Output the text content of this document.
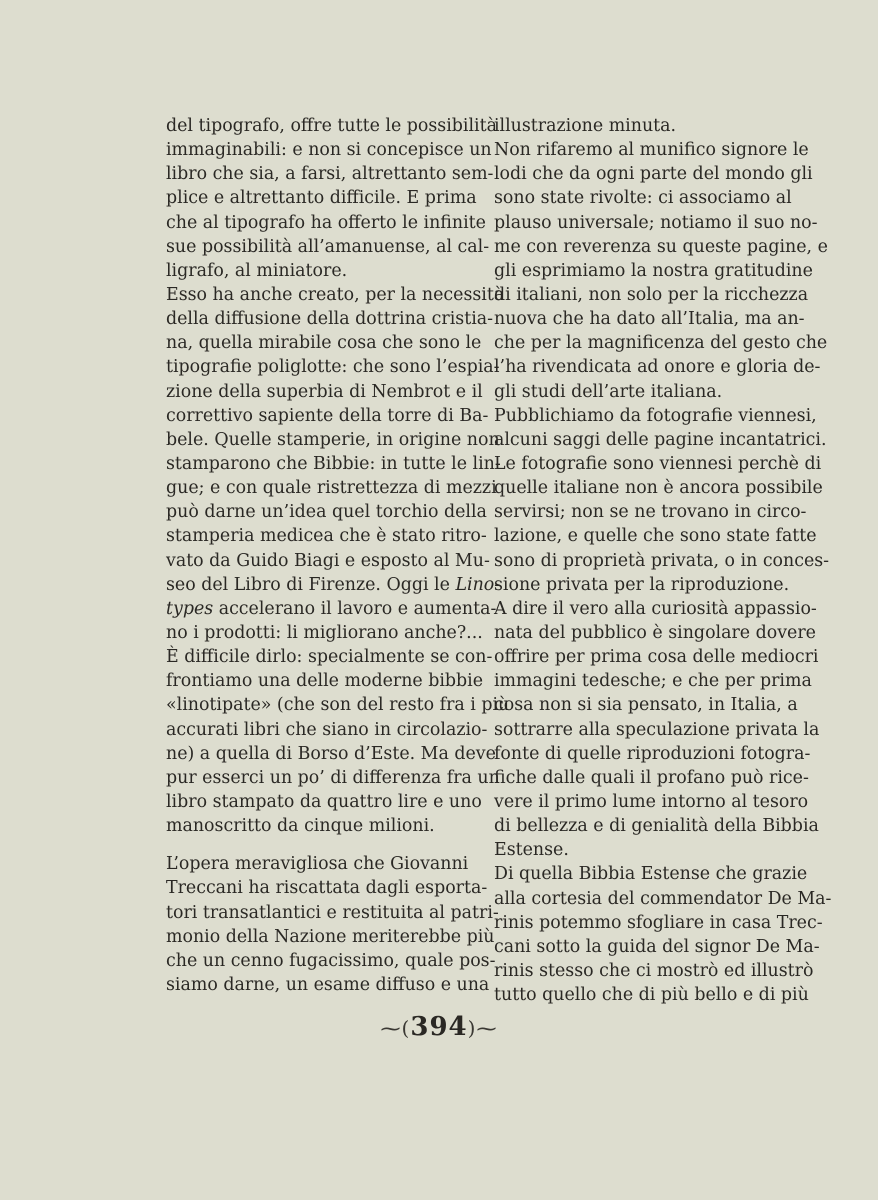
del tipografo, offre tutte le possibilità
immaginabili: e non si concepisce un
libro che sia, a farsi, altrettanto sem-
plice e altrettanto difficile. E prima
che al tipografo ha offerto le infinite
sue possibilità all’amanuense, al cal-
ligrafo, al miniatore.
Esso ha anche creato, per la necessità
della diffusione della dottrina cristia-
na, quella mirabile cosa che sono le
tipografie poliglotte: che sono l’espia-
zione della superbia di Nembrot e il
correttivo sapiente della torre di Ba-
bele. Quelle stamperie, in origine non
stamparono che Bibbie: in tutte le lin-
gue; e con quale ristrettezza di mezzi
può darne un’idea quel torchio della
stamperia medicea che è stato ritro-
vato da Guido Biagi e esposto al Mu-
seo del Libro di Firenze. Oggi le Lino-
types accelerano il lavoro e aumenta-
no i prodotti: li migliorano anche?...
È difficile dirlo: specialmente se con-
frontiamo una delle moderne bibbie
«linotipate» (che son del resto fra i più
accurati libri che siano in circolazio-
ne) a quella di Borso d’Este. Ma deve
pur esserci un po’ di differenza fra un
libro stampato da quattro lire e uno
manoscritto da cinque milioni.
L’opera meravigliosa che Giovanni
Treccani ha riscattata dagli esporta-
tori transatlantici e restituita al patri-
monio della Nazione meriterebbe più
che un cenno fugacissimo, quale pos-
siamo darne, un esame diffuso e una
illustrazione minuta.
Non rifaremo al munifico signore le
lodi che da ogni parte del mondo gli
sono state rivolte: ci associamo al
plauso universale; notiamo il suo no-
me con reverenza su queste pagine, e
gli esprimiamo la nostra gratitudine
di italiani, non solo per la ricchezza
nuova che ha dato all’Italia, ma an-
che per la magnificenza del gesto che
l’ha rivendicata ad onore e gloria de-
gli studi dell’arte italiana.
Pubblichiamo da fotografie viennesi,
alcuni saggi delle pagine incantatrici.
Le fotografie sono viennesi perchè di
quelle italiane non è ancora possibile
servirsi; non se ne trovano in circo-
lazione, e quelle che sono state fatte
sono di proprietà privata, o in conces-
sione privata per la riproduzione.
A dire il vero alla curiosità appassio-
nata del pubblico è singolare dovere
offrire per prima cosa delle mediocri
immagini tedesche; e che per prima
cosa non si sia pensato, in Italia, a
sottrarre alla speculazione privata la
fonte di quelle riproduzioni fotogra-
fiche dalle quali il profano può rice-
vere il primo lume intorno al tesoro
di bellezza e di genialità della Bibbia
Estense.
Di quella Bibbia Estense che grazie
alla cortesia del commendator De Ma-
rinis potemmo sfogliare in casa Trec-
cani sotto la guida del signor De Ma-
rinis stesso che ci mostrò ed illustrò
tutto quello che di più bello e di più
⁓(394)⁓
